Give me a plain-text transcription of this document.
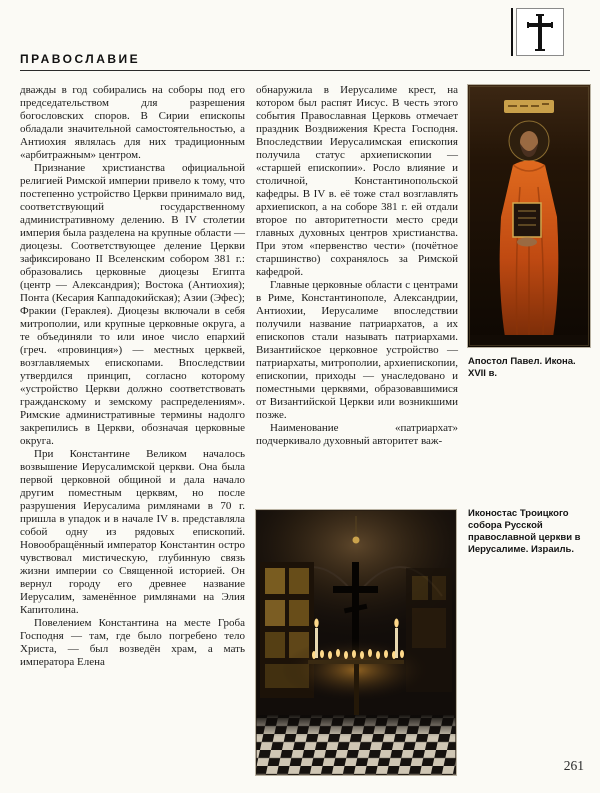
ПРАВОСЛАВИЕ

дважды в год собирались на соборы под его председательством для разрешения богословских споров. В Сирии епископы обладали значительной самостоятельностью, а Антиохия являлась для них традиционным «арбитражным» центром.

Признание христианства официальной религией Римской империи привело к тому, что постепенно устройство Церкви принимало вид, соответствующий государственному административному делению. В IV столетии империя была разделена на крупные области — диоцезы. Соответствующее деление Церкви зафиксировано II Вселенским собором 381 г.: образовались церковные диоцезы Египта (центр — Александрия); Востока (Антиохия); Понта (Кесария Каппадокийская); Азии (Эфес); Фракии (Гераклея). Диоцезы включали в себя митрополии, или крупные церковные округа, а те объединяли то или иное число епархий (греч. «провинция») — местных церквей, возглавляемых епископами. Впоследствии утвердился принцип, согласно которому «устройство Церкви должно соответствовать гражданскому и земскому распределениям». Римские административные термины надолго закрепились в Церкви, обозначая церковные округа.

При Константине Великом началось возвышение Иерусалимской церкви. Она была первой церковной общиной и дала начало другим поместным церквям, но после разрушения Иерусалима римлянами в 70 г. пришла в упадок и в начале IV в. представляла собой одну из рядовых епископий. Новообращённый император Константин остро чувствовал мистическую, глубинную связь жизни империи со Священной историей. Он вернул городу его древнее название Иерусалим, заменённое римлянами на Элия Капитолина.

Повелением Константина на месте Гроба Господня — там, где было погребено тело Христа, — был возведён храм, а мать императора Елена

обнаружила в Иерусалиме крест, на котором был распят Иисус. В честь этого события Православная Церковь отмечает праздник Воздвижения Креста Господня. Впоследствии Иерусалимская епископия получила статус архиепископии — «старшей епископии». Росло влияние и столичной, Константинопольской кафедры. В IV в. её тоже стал возглавлять архиепископ, а на соборе 381 г. ей отдали второе по авторитетности место среди главных духовных центров христианства. При этом «первенство чести» (почётное старшинство) сохранялось за Римской кафедрой.

Главные церковные области с центрами в Риме, Константинополе, Александрии, Антиохии, Иерусалиме впоследствии получили название патриархатов, а их епископов стали называть патриархами. Византийское церковное устройство — патриархаты, митрополии, архиепископии, епископии, приходы — унаследовано и поместными церквями, образовавшимися от Византийской Церкви или возникшими позже.

Наименование «патриархат» подчеркивало духовный авторитет важ-

Апостол Павел. Икона. XVII в.
Иконостас Троицкого собора Русской православной церкви в Иерусалиме. Израиль.
261
